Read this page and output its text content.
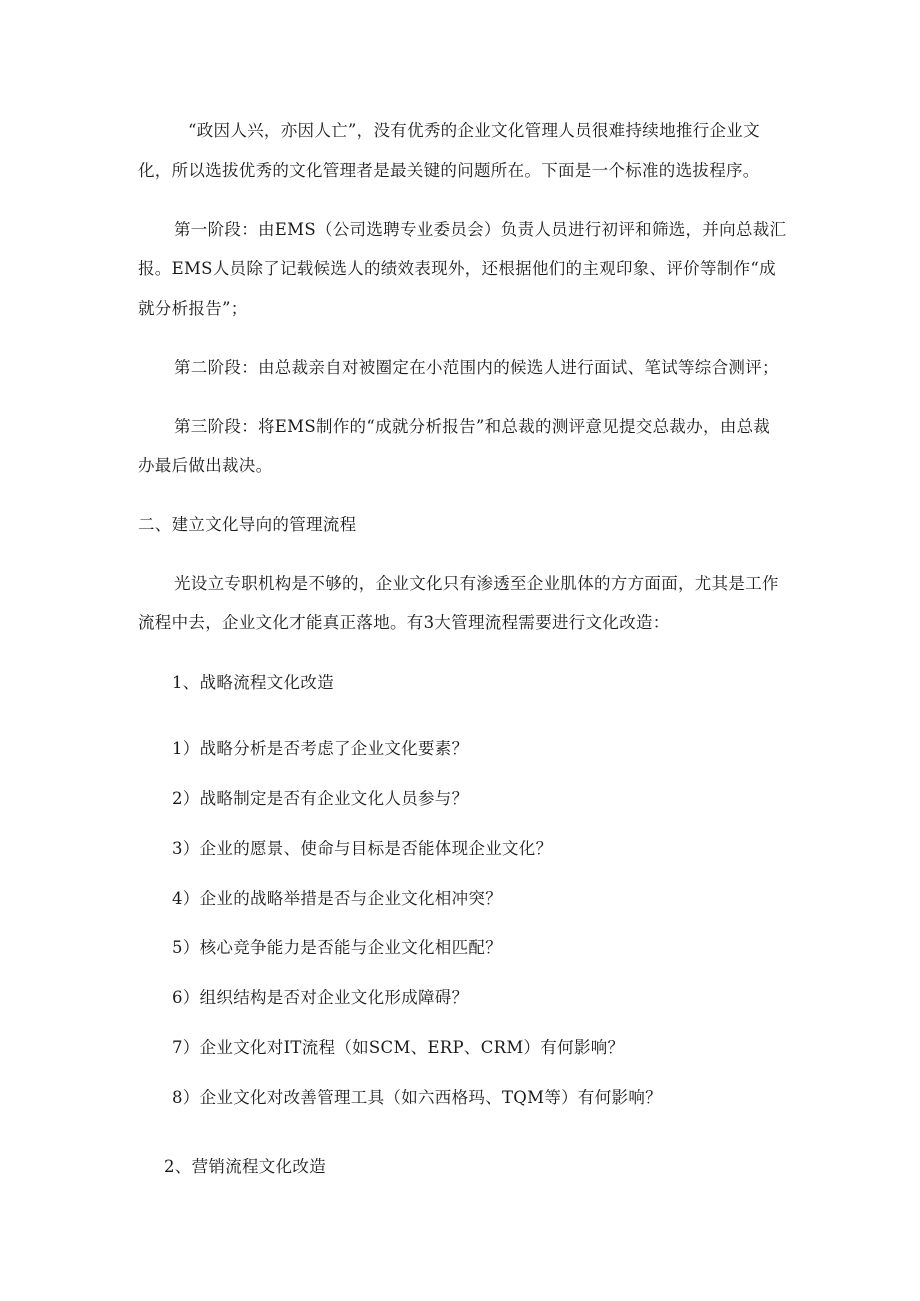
“政因人兴，亦因人亡”，没有优秀的企业文化管理人员很难持续地推行企业文
化，所以选拔优秀的文化管理者是最关键的问题所在。下面是一个标准的选拔程序。
第一阶段：由EMS（公司选聘专业委员会）负责人员进行初评和筛选，并向总裁汇
报。EMS人员除了记载候选人的绩效表现外，还根据他们的主观印象、评价等制作“成
就分析报告”；
第二阶段：由总裁亲自对被圈定在小范围内的候选人进行面试、笔试等综合测评；
第三阶段：将EMS制作的“成就分析报告”和总裁的测评意见提交总裁办，由总裁
办最后做出裁决。
二、建立文化导向的管理流程
光设立专职机构是不够的，企业文化只有渗透至企业肌体的方方面面，尤其是工作
流程中去，企业文化才能真正落地。有3大管理流程需要进行文化改造：
1、战略流程文化改造
1）战略分析是否考虑了企业文化要素？
2）战略制定是否有企业文化人员参与？
3）企业的愿景、使命与目标是否能体现企业文化？
4）企业的战略举措是否与企业文化相冲突？
5）核心竞争能力是否能与企业文化相匹配？
6）组织结构是否对企业文化形成障碍？
7）企业文化对IT流程（如SCM、ERP、CRM）有何影响？
8）企业文化对改善管理工具（如六西格玛、TQM等）有何影响？
2、营销流程文化改造
